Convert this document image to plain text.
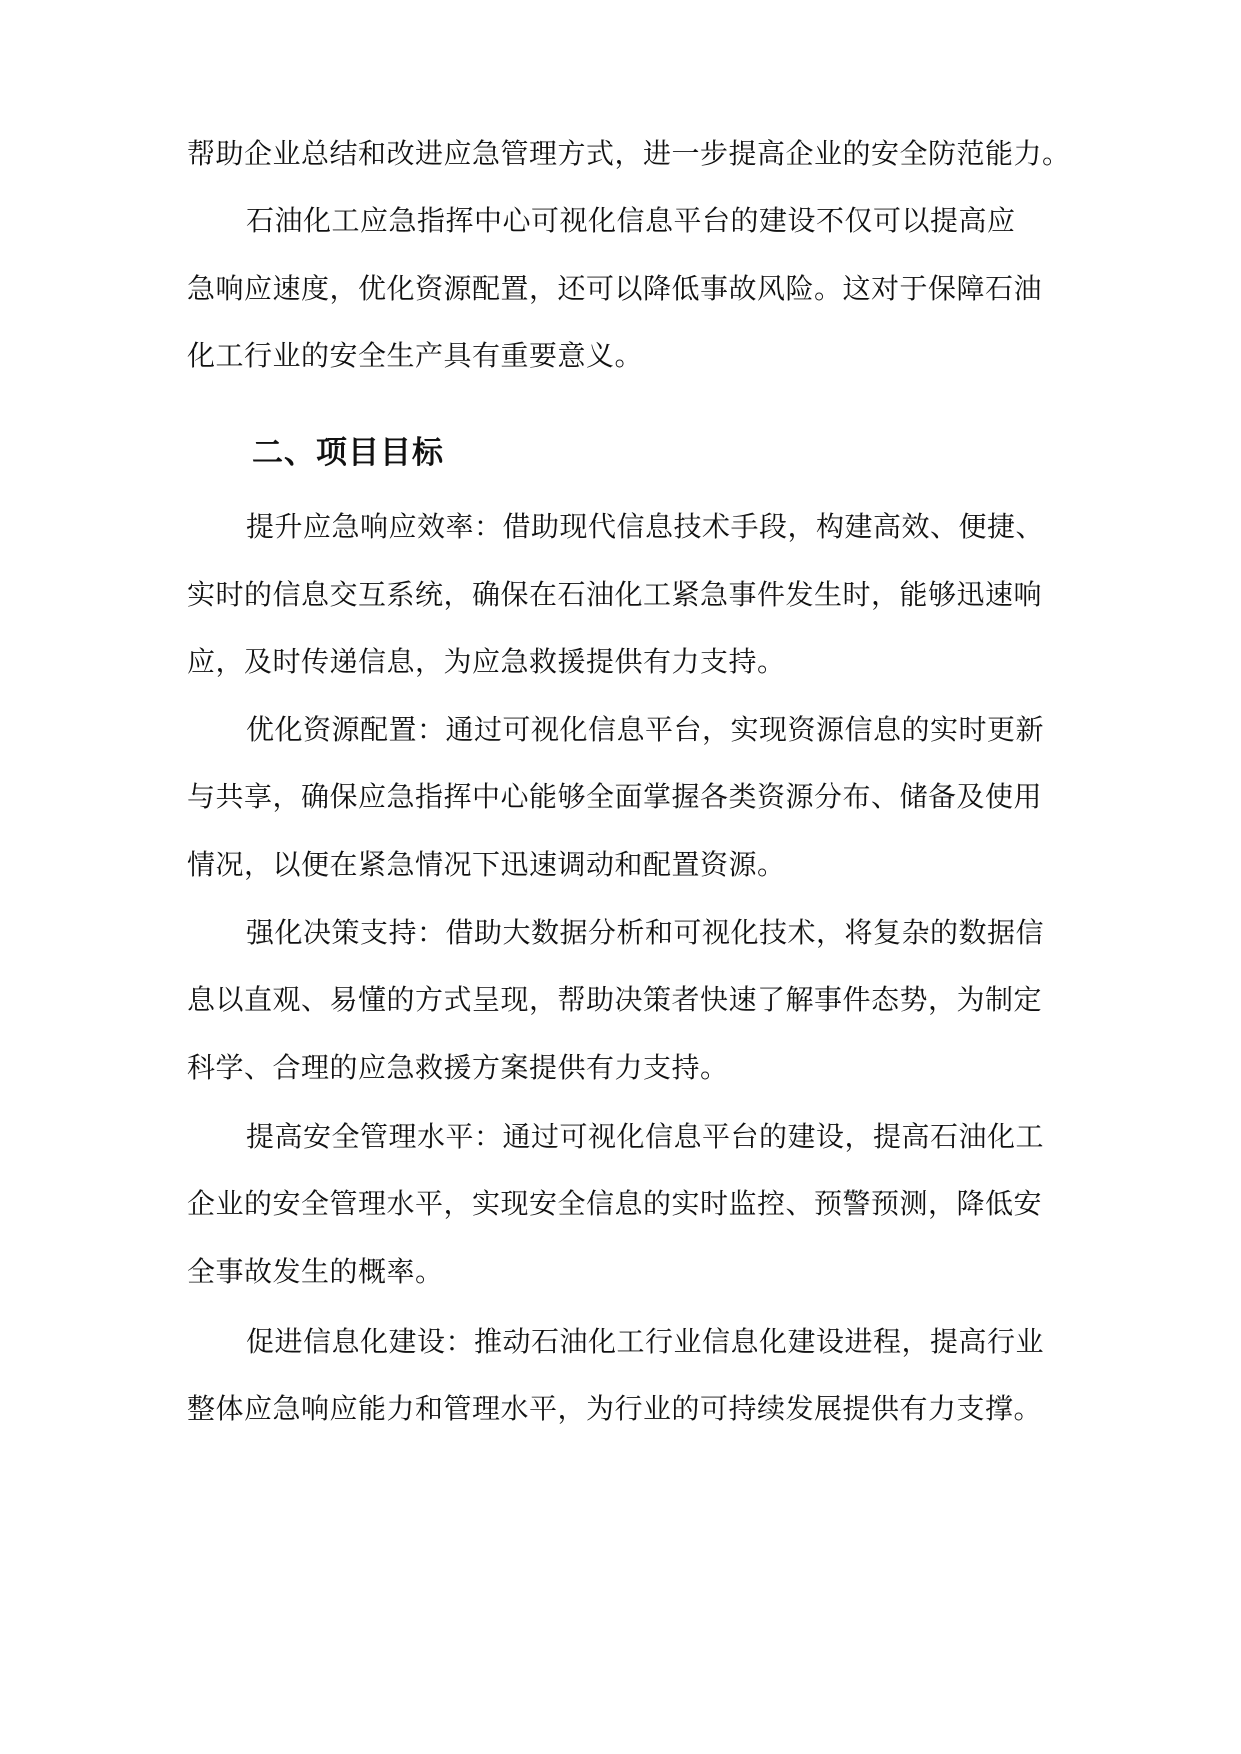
帮助企业总结和改进应急管理方式，进一步提高企业的安全防范能力。
石油化工应急指挥中心可视化信息平台的建设不仅可以提高应
急响应速度，优化资源配置，还可以降低事故风险。这对于保障石油
化工行业的安全生产具有重要意义。
二、项目目标
提升应急响应效率：借助现代信息技术手段，构建高效、便捷、
实时的信息交互系统，确保在石油化工紧急事件发生时，能够迅速响
应，及时传递信息，为应急救援提供有力支持。
优化资源配置：通过可视化信息平台，实现资源信息的实时更新
与共享，确保应急指挥中心能够全面掌握各类资源分布、储备及使用
情况，以便在紧急情况下迅速调动和配置资源。
强化决策支持：借助大数据分析和可视化技术，将复杂的数据信
息以直观、易懂的方式呈现，帮助决策者快速了解事件态势，为制定
科学、合理的应急救援方案提供有力支持。
提高安全管理水平：通过可视化信息平台的建设，提高石油化工
企业的安全管理水平，实现安全信息的实时监控、预警预测，降低安
全事故发生的概率。
促进信息化建设：推动石油化工行业信息化建设进程，提高行业
整体应急响应能力和管理水平，为行业的可持续发展提供有力支撑。
